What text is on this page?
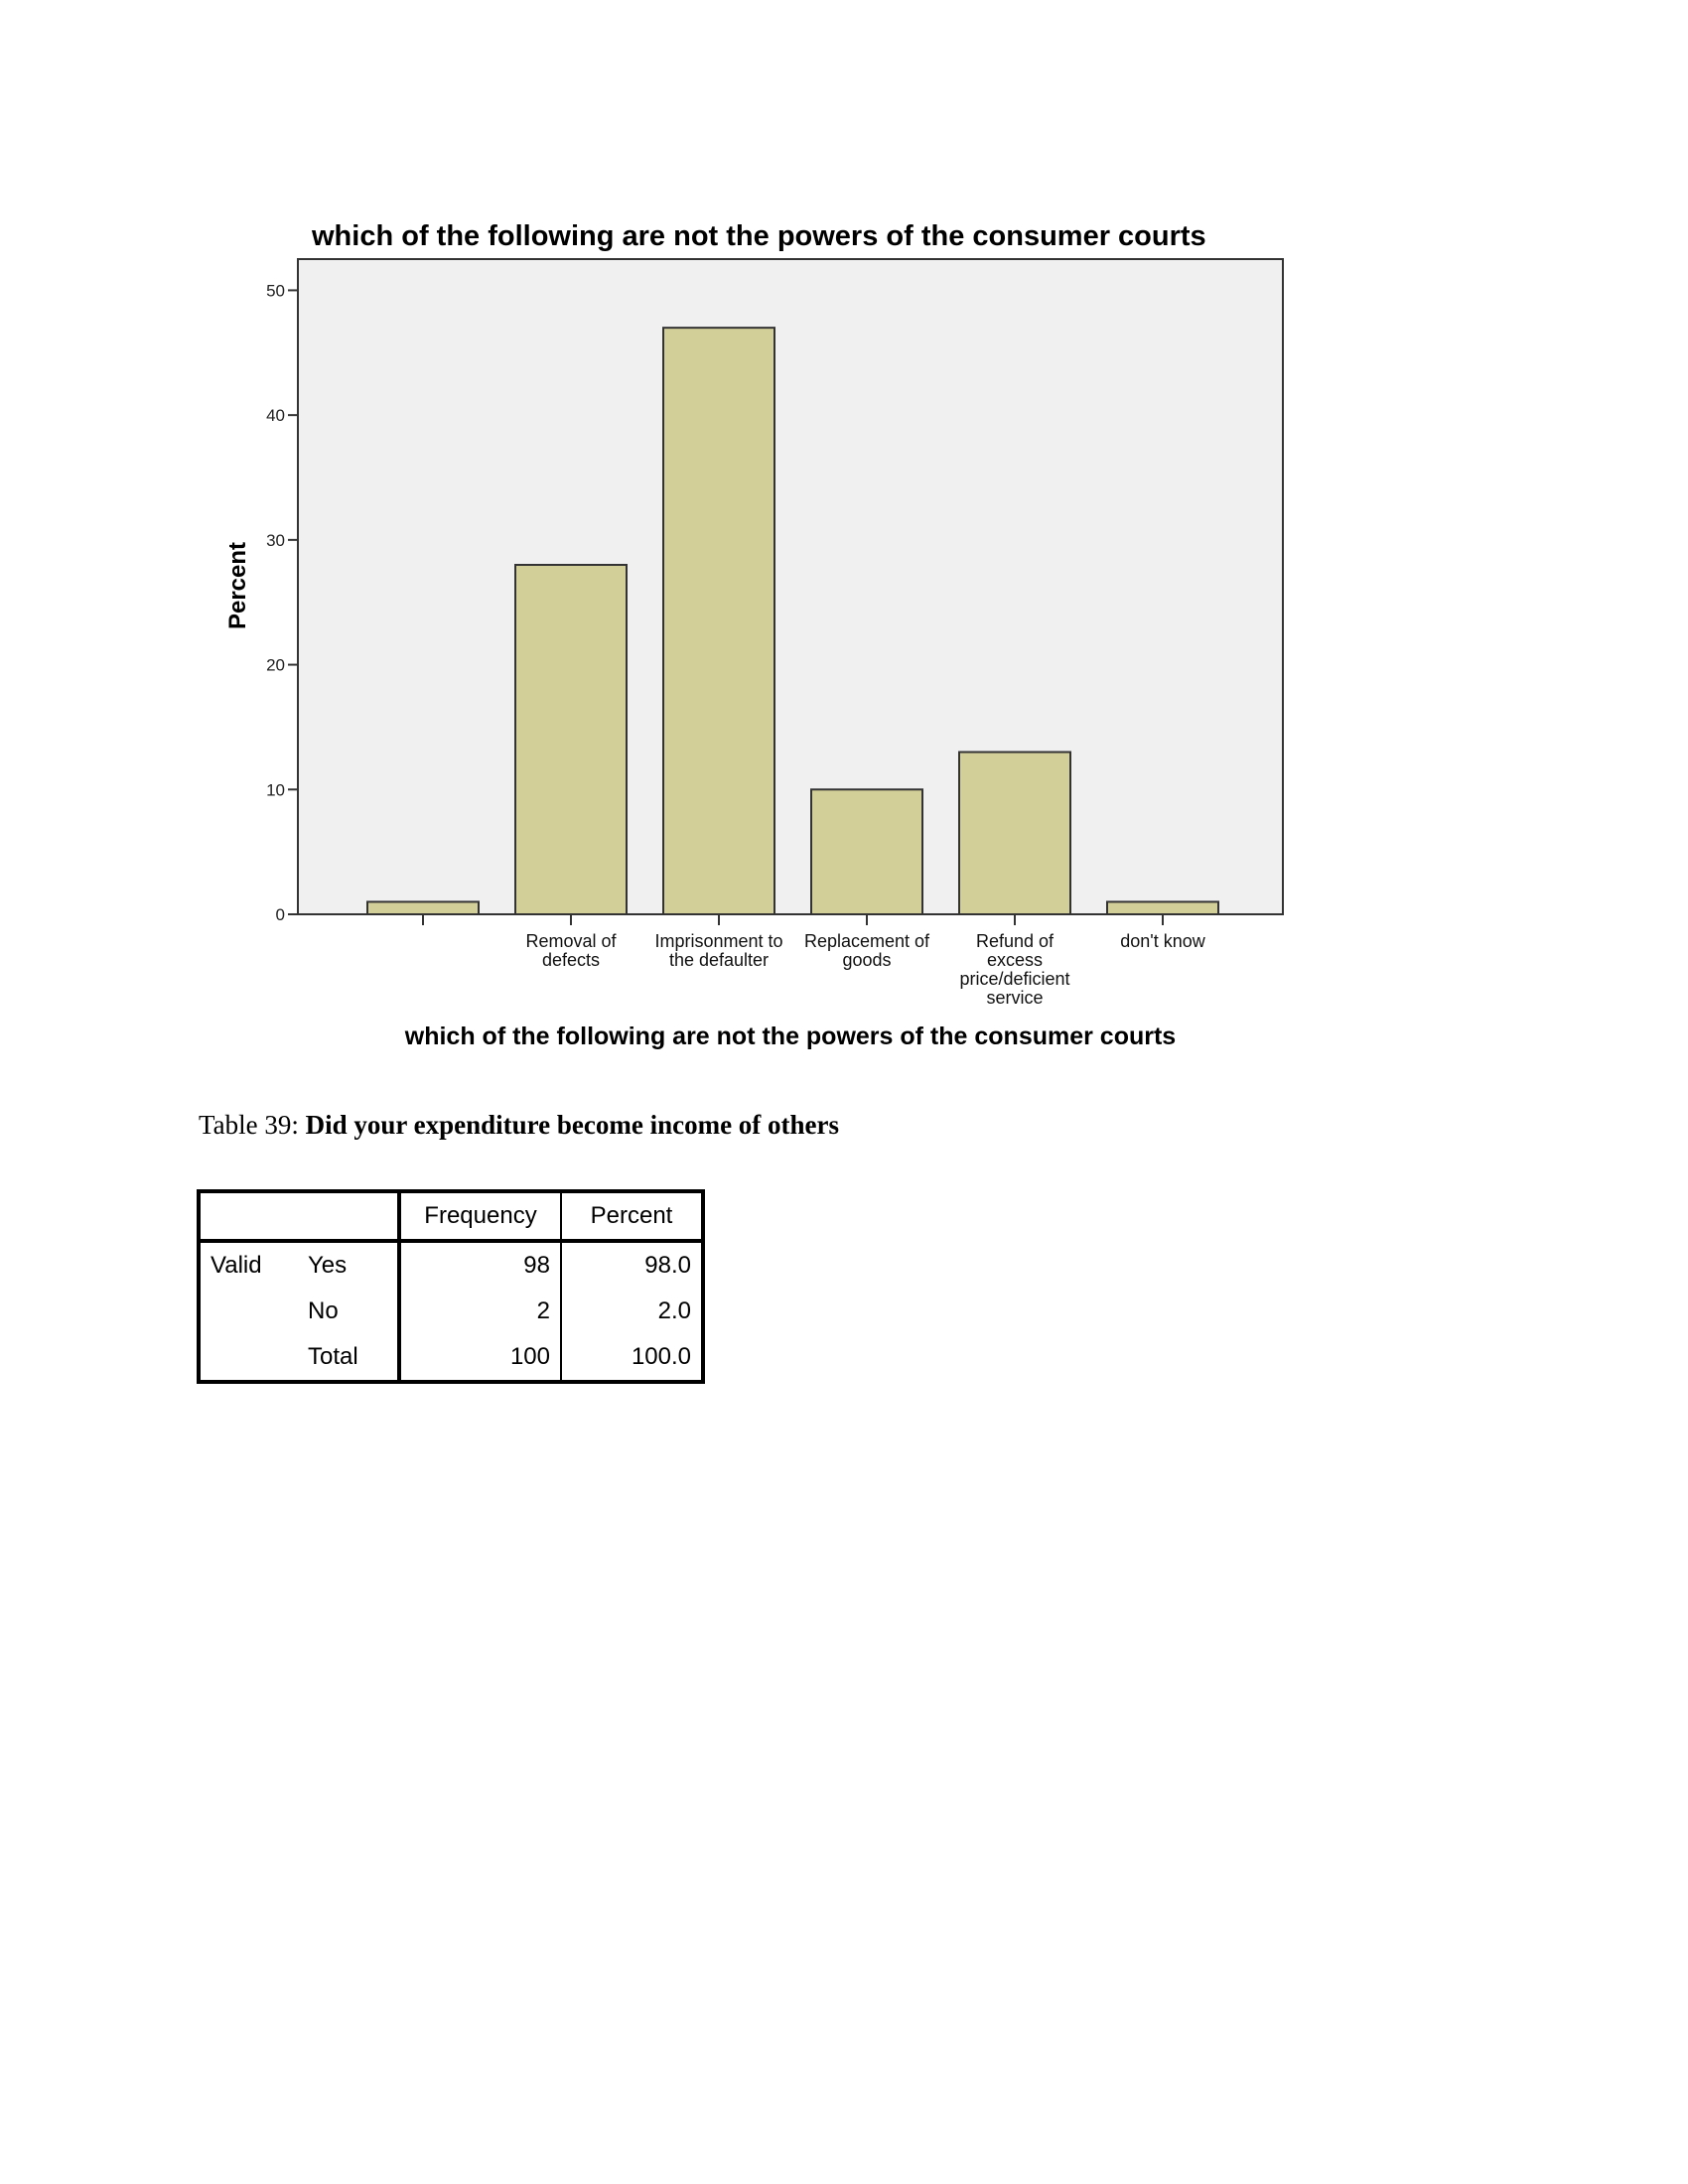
which of the following are not the powers of the consumer courts
0
10
20
30
40
50
Removal of defects
Imprisonment to the defaulter
Replacement of goods
Refund of excess price/deficient service
don't know
Percent
which of the following are not the powers of the consumer courts

Table 39: Did your expenditure become income of others

		Frequency	Percent
Valid	Yes	98	98.0
	No	2	2.0
	Total	100	100.0
